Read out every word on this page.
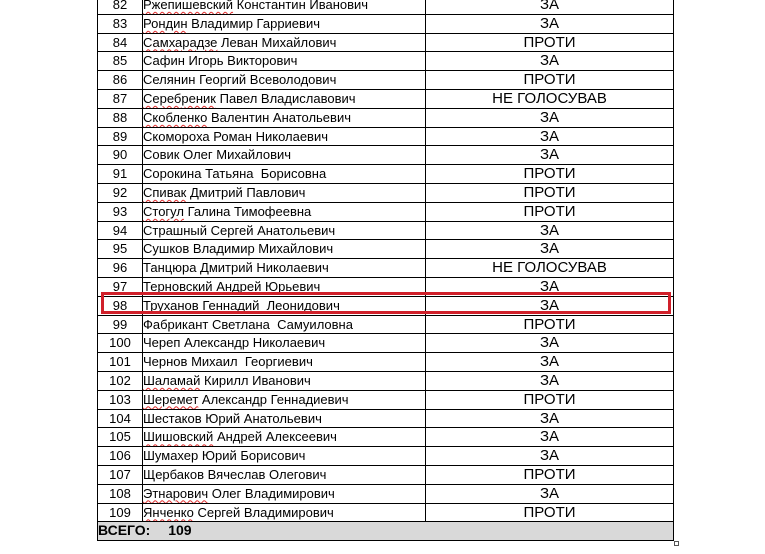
82	Ржепишевский Константин Иванович	ЗА
83	Рондин Владимир Гарриевич	ЗА
84	Самхарадзе Леван Михайлович	ПРОТИ
85	Сафин Игорь Викторович	ЗА
86	Селянин Георгий Всеволодович	ПРОТИ
87	Серебреник Павел Владиславович	НЕ ГОЛОСУВАВ
88	Скобленко Валентин Анатольевич	ЗА
89	Скоморoха Роман Николаевич	ЗА
90	Совик Олег Михайлович	ЗА
91	Сорокина Татьяна  Борисовна	ПРОТИ
92	Спивак Дмитрий Павлович	ПРОТИ
93	Стогул Галина Тимофеевна	ПРОТИ
94	Страшный Сергей Анатольевич	ЗА
95	Сушков Владимир Михайлович	ЗА
96	Танцюра Дмитрий Николаевич	НЕ ГОЛОСУВАВ
97	Терновский Андрей Юрьевич	ЗА
98	Труханов Геннадий  Леонидович	ЗА
99	Фабрикант Светлана  Самуиловна	ПРОТИ
100	Череп Александр Николаевич	ЗА
101	Чернов Михаил  Георгиевич	ЗА
102	Шаламай Кирилл Иванович	ЗА
103	Шеремет Александр Геннадиевич	ПРОТИ
104	Шестаков Юрий Анатольевич	ЗА
105	Шишовский Андрей Алексеевич	ЗА
106	Шумахер Юрий Борисович	ЗА
107	Щербаков Вячеслав Олегович	ПРОТИ
108	Этнарович Олег Владимирович	ЗА
109	Янченко Сергей Владимирович	ПРОТИ
ВСЕГО: 109		
